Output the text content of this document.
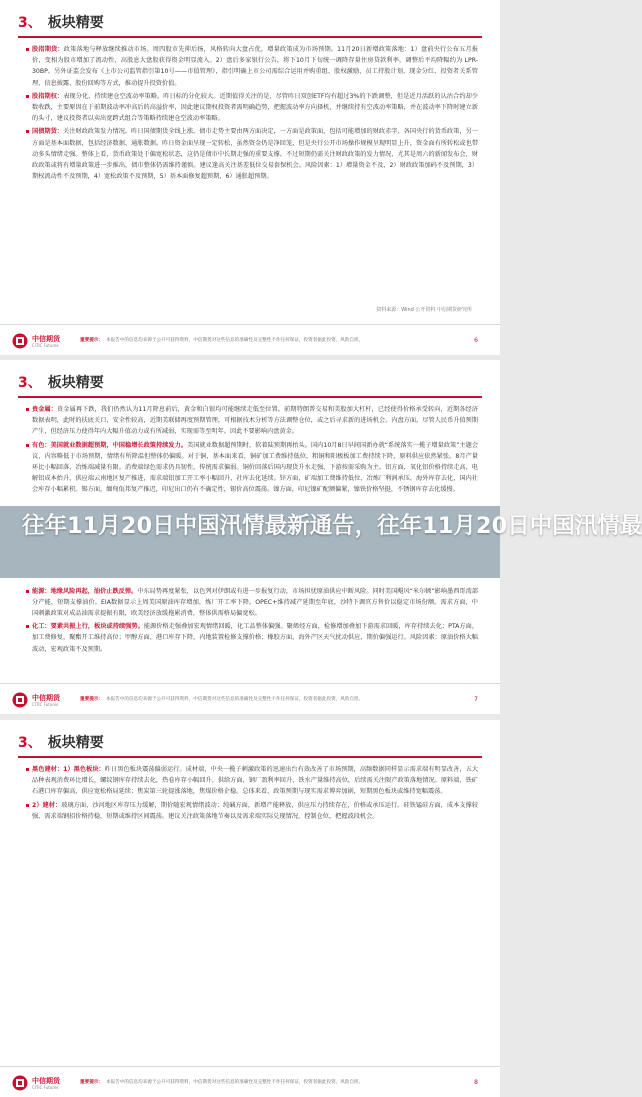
3、 板块精要

股指期货：政策落地与释放继续推动市场。周四股市先抑后扬，风格转向大盘占优，增量政策成为市场预期。11月20日新增政策落地：1）盘前央行公布五月报价，变相为股市增加了流动性，高股息大盘股获得资金明显流入。2）盘后多家银行公告，将下10月下旬统一调降存量住房贷款利率，调整后平均降幅约为 LPR-30BP。另外证监会发布《上市公司监管指引第10号——市值管理》，指引明确上市公司需综合运用并购重组、股权激励、员工持股计划、现金分红、投资者关系管理、信息披露、股份回购等方式，推动提升投资价值。

股指期权：表现分化，持续建仓空波动率策略。昨日标的分化较大。近期值得关注的是，尽管昨日双创ETF均有超过3%的下跌调整，但是近月活跃的认沽合约却少数收跌，主要原因在于前期波动率冲高后的高溢价率，因此建议期权投资者需明确趋势，把握波动率方向择机，并继续持有空波动率策略，并在波动率下降时建立新的头寸，建议投资者以卖出宽跨式组合等策略持续建仓空波动率策略。

国债期货：关注财政政策发力情况。昨日国债期货全线上涨。债市走势主要由两方面决定，一方面是政策面，包括可能增加的财政赤字、各国央行的货币政策，另一方面是基本面数据，包括经济数据、通胀数据。昨日资金面呈现一定转松，虽然资金仍是净回笼，但是央行公开市场操作规模呈现明显上升，资金面有所转松或也带动多头情绪走强。整体上看，货币政策处于偏宽松状态，这仍是债市中长期走强的重要支撑。不过短期仍需关注财政政策的发力情况，尤其是周六的新闻发布会，财政政策或将有增量政策进一步推出，债市整体仍需维持谨慎。建议逢高关注基差低位交易套保机会。风险因素：1）增量资金不及，2）财政政策加码不及预期，3）期权流动性不及预期，4）宽松政策不及预期，5）基本面修复超预期，6）通胀超预期。

资料来源：Wind 公开资料 中信期货研究所
中信期货
CITIC Futures
重要提示： 本报告中的信息均来源于公开可获得资料，中信期货对这些信息的准确性及完整性不作任何保证，投资者据此投资，风险自担。	6
3、 板块精要

贵金属：贵金属再下跌，我们仍然认为11月降息前后，黄金和白银均可能继续走低至位置。前期特朗普交易和美股加大杠杆，已经使得价格承受转向，近期各经济数据表明，此时的扶底关口，安全性较高，近期美联储再度预期管理，可根据技术分析等方法调整仓位，或之后寻求新的进场机会。内盘方面，尽管人民币升值预期产生，但经济压力使得年内大幅升值动力或有所减弱，实现需等至明年。因此不要影响内盘黄金。

有色：美国就业数据超预期，中国稳增长政策持续发力。美国就业数据超预期时，软着陆预期再抬头。国内10月8日早间国新办就“系统落实一揽子增量政策”主题会议，内容略低于市场预期，情绪有所降温但整体仍偏暖。对于铜，基本面来看，铜矿加工费维持低位，粗铜和阳极板加工费持续下降，原料供应依然紧张。8月产量环比小幅回落，冶炼端减量有限。消费端绿色需求仍具韧性，传统需求偏弱。铜价回落后国内现货升水走强，下游按需采购为主。铝方面，氧化铝价格持续走高，电解铝成本抬升，供应端云南地区复产推进，需求端铝加工开工率小幅回升，社库去化延续。锌方面，矿端加工费维持低位，冶炼厂利润承压，海外库存去化，国内社会库存小幅累积。锡方面，缅甸佤邦复产推迟，印尼出口仍有不确定性，锡价高位震荡。镍方面，印尼镍矿配额偏紧，镍铁价格坚挺，不锈钢库存去化缓慢。

能源：地缘风险再起，油价止跌反弹。中东局势再度紧张，以色列对伊朗或有进一步报复行动，市场担忧原油供应中断风险。同时美国飓风“米尔顿”影响墨西哥湾部分产能，短期支撑油价。EIA数据显示上周美国原油库存增加，炼厂开工率下降。OPEC+维持减产延期至年底，沙特下调官方售价以稳定市场份额。需求方面，中国刺激政策对成品油需求提振有限，欧美经济放缓拖累消费，整体供需格局偏宽松。

化工：要素共振上行，板块或持续强势。能源价格走强叠加宏观情绪回暖，化工品整体偏强。聚烯烃方面，检修增加叠加下游需求回暖，库存持续去化；PTA方面，加工费修复，聚酯开工维持高位；甲醇方面，港口库存下降，内地装置检修支撑价格；橡胶方面，海外产区天气扰动供应，期价偏强运行。风险因素：原油价格大幅波动，宏观政策不及预期。

中信期货
CITIC Futures
重要提示： 本报告中的信息均来源于公开可获得资料，中信期货对这些信息的准确性及完整性不作任何保证，投资者据此投资，风险自担。	7
3、 板块精要

黑色建材：1）黑色板块：昨日黑色板块震荡偏弱运行。成材端，中央一揽子刺激政策的迅速出台有效改善了市场预期，高频数据同样显示需求端有明显改善，五大品种表观消费环比增长，螺纹钢库存持续去化，热卷库存小幅回升。供给方面，钢厂盈利率回升，铁水产量维持高位，后续需关注限产政策落地情况。原料端，铁矿石港口库存偏高，供应宽松格局延续；焦炭第三轮提涨落地，焦煤价格企稳。总体来看，政策预期与现实需求博弈加剧，短期黑色板块或维持宽幅震荡。

2）建材：玻璃方面，沙河地区库存压力缓解，期价随宏观情绪波动；纯碱方面，新增产能释放，供应压力持续存在，价格或承压运行。硅铁锰硅方面，成本支撑较强，需求端钢招价格持稳，短期或维持区间震荡。建议关注政策落地节奏以及需求端实际兑现情况，控制仓位，把握波段机会。

中信期货
CITIC Futures
重要提示： 本报告中的信息均来源于公开可获得资料，中信期货对这些信息的准确性及完整性不作任何保证，投资者据此投资，风险自担。	8
往年11月20日中国汛情最新通告，往年11月20日中国汛情最
